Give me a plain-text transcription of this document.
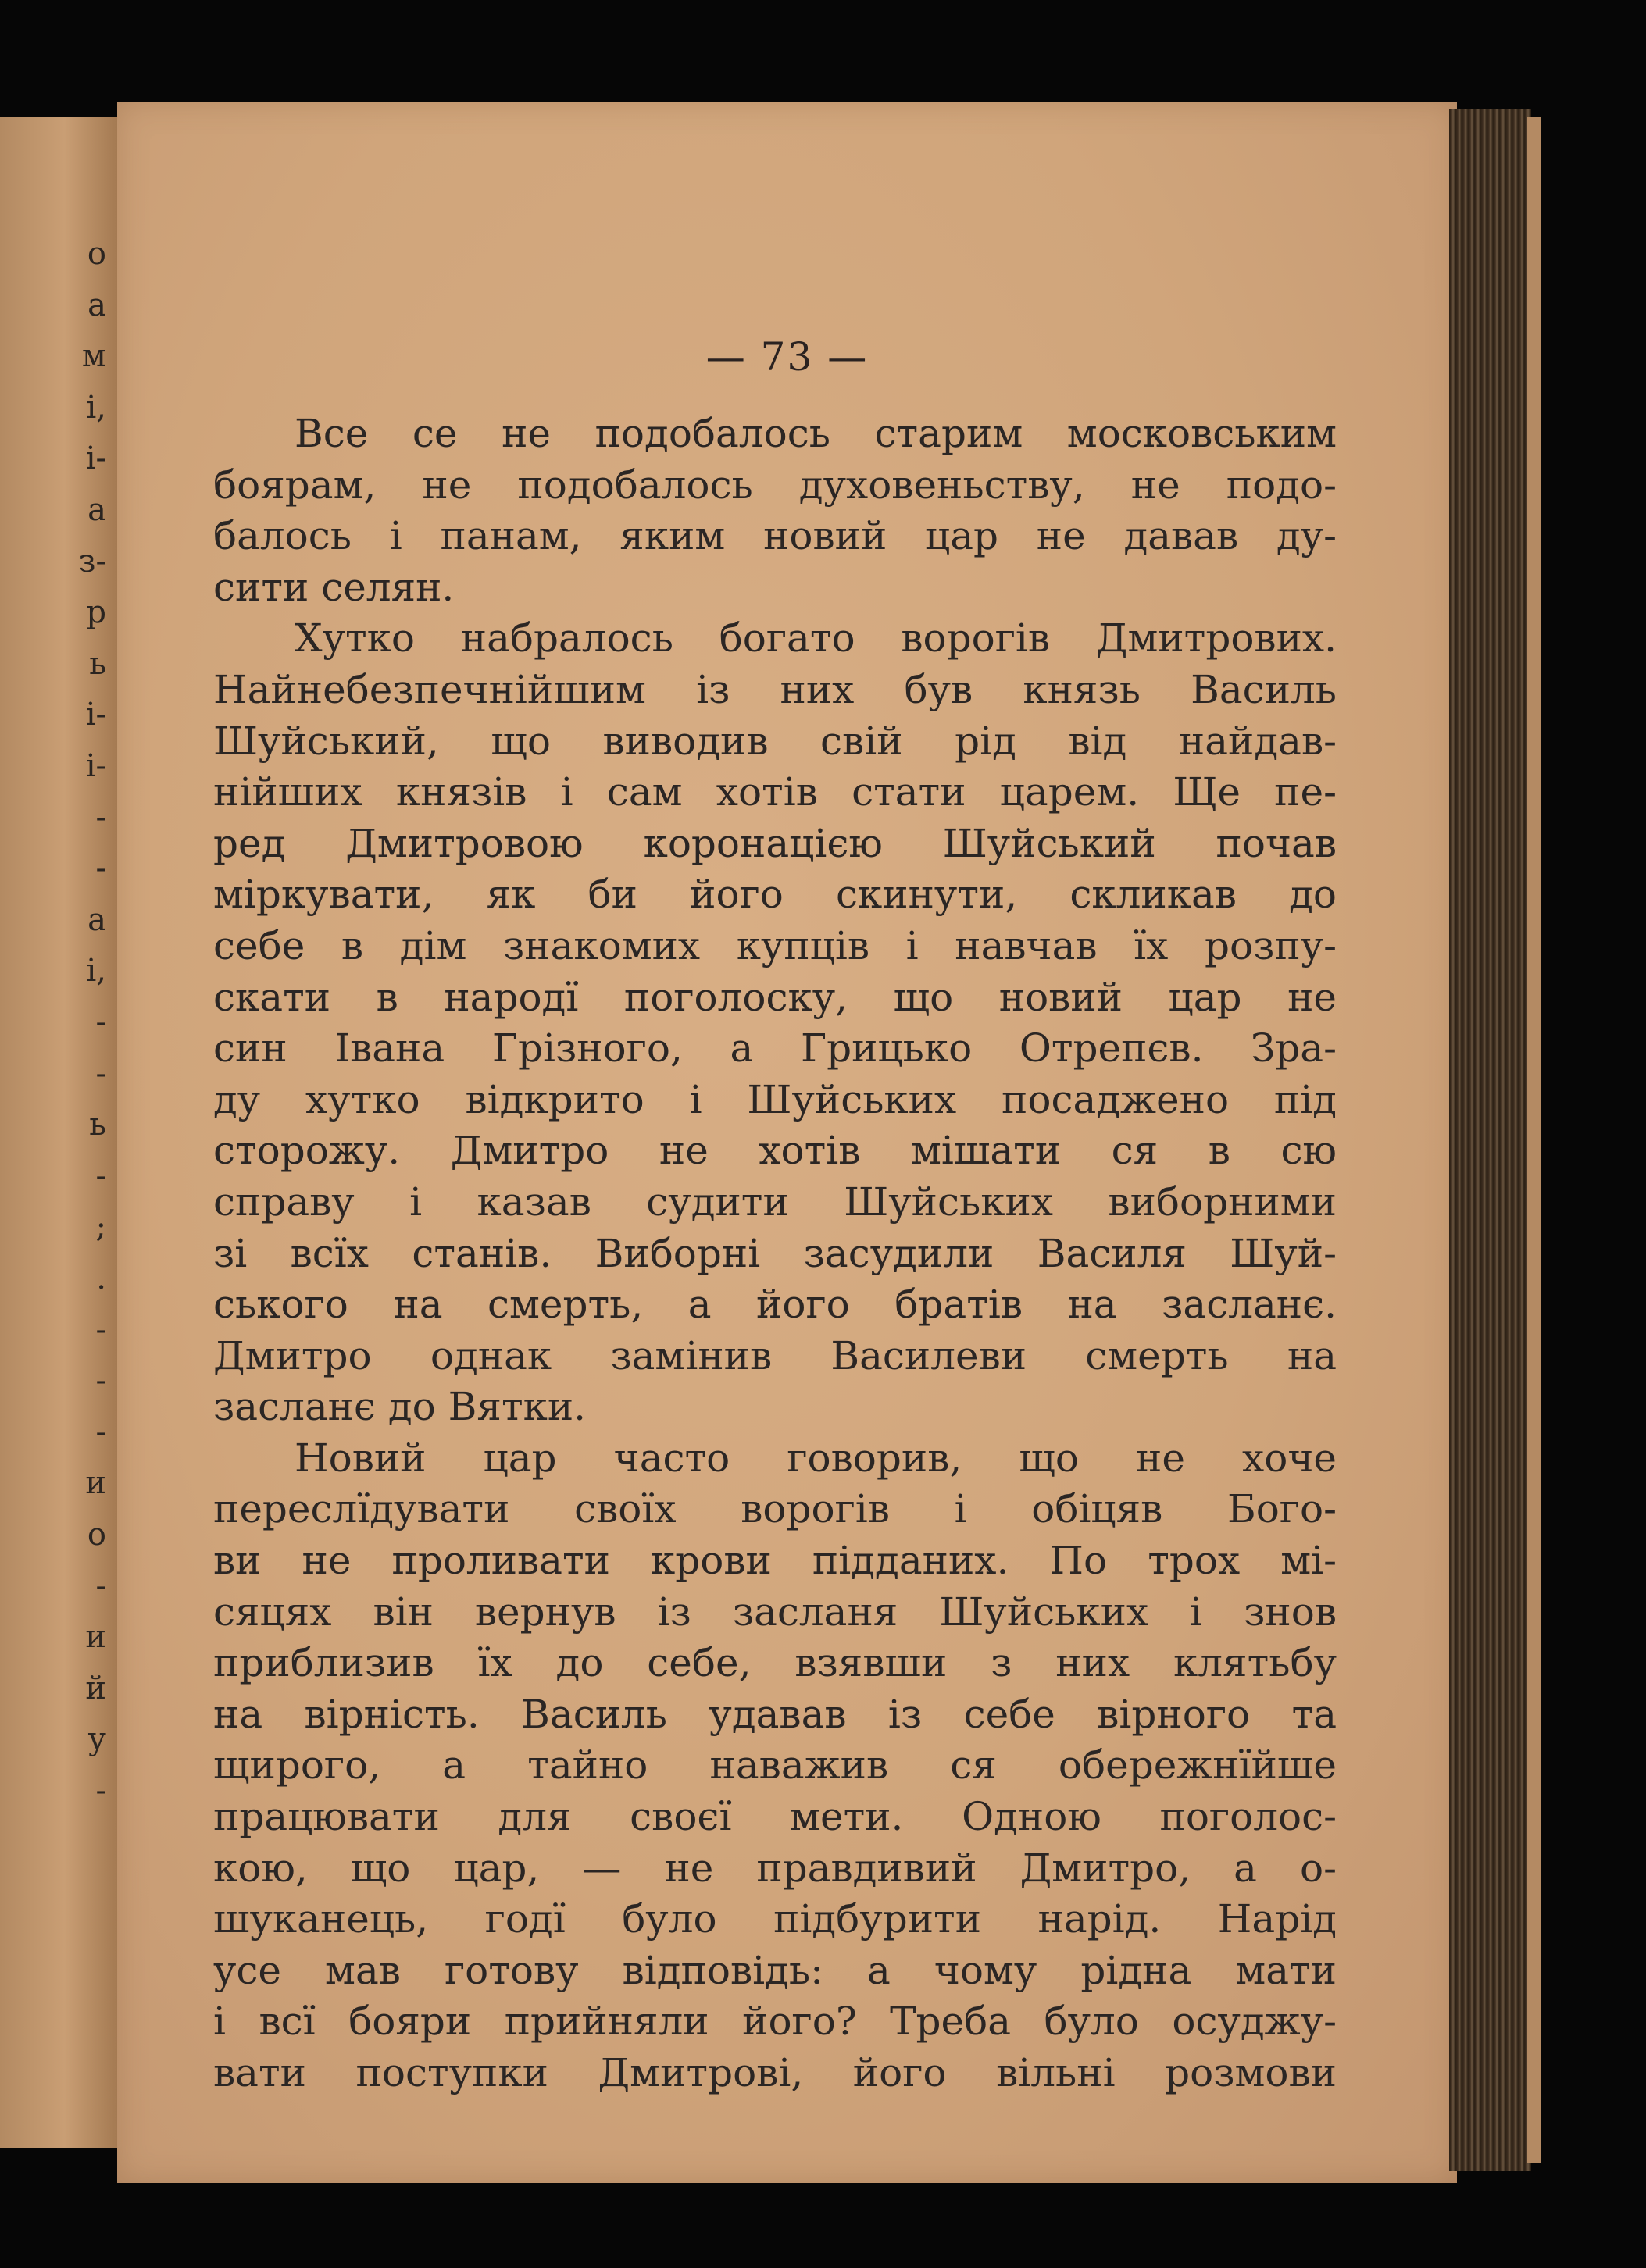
о
а
м
і,
і-
а
з-
р
ь
і-
і-
-
-
а
і,
-
-
ь
-
;
.
-
-
-
и
о
-
и
й
у
-
— 73 —
Все се не подобалось старим московським
боярам, не подобалось духовеньству, не подо-
балось і панам, яким новий цар не давав ду-
сити селян.
Хутко набралось богато ворогів Дмитрових.
Найнебезпечнійшим із них був князь Василь
Шуйський, що виводив свій рід від найдав-
нійших князів і сам хотів стати царем. Ще пе-
ред Дмитровою коронацією Шуйський почав
міркувати, як би його скинути, скликав до
себе в дім знакомих купців і навчав їх розпу-
скати в народї поголоску, що новий цар не
син Івана Грізного, а Грицько Отрепєв. Зра-
ду хутко відкрито і Шуйських посаджено під
сторожу. Дмитро не хотів мішати ся в сю
справу і казав судити Шуйських виборними
зі всїх станів. Виборні засудили Василя Шуй-
ського на смерть, а його братів на засланє.
Дмитро однак замінив Василеви смерть на
засланє до Вятки.
Новий цар часто говорив, що не хоче
переслїдувати своїх ворогів і обіцяв Бого-
ви не проливати крови підданих. По трох мі-
сяцях він вернув із засланя Шуйських і знов
приблизив їх до себе, взявши з них клятьбу
на вірність. Василь удавав із себе вірного та
щирого, а тайно наважив ся обережнїйше
працювати для своєї мети. Одною поголос-
кою, що цар, — не правдивий Дмитро, а о-
шуканець, годї було підбурити нарід. Нарід
усе мав готову відповідь: а чому рідна мати
і всї бояри прийняли його? Треба було осуджу-
вати поступки Дмитрові, його вільні розмови
